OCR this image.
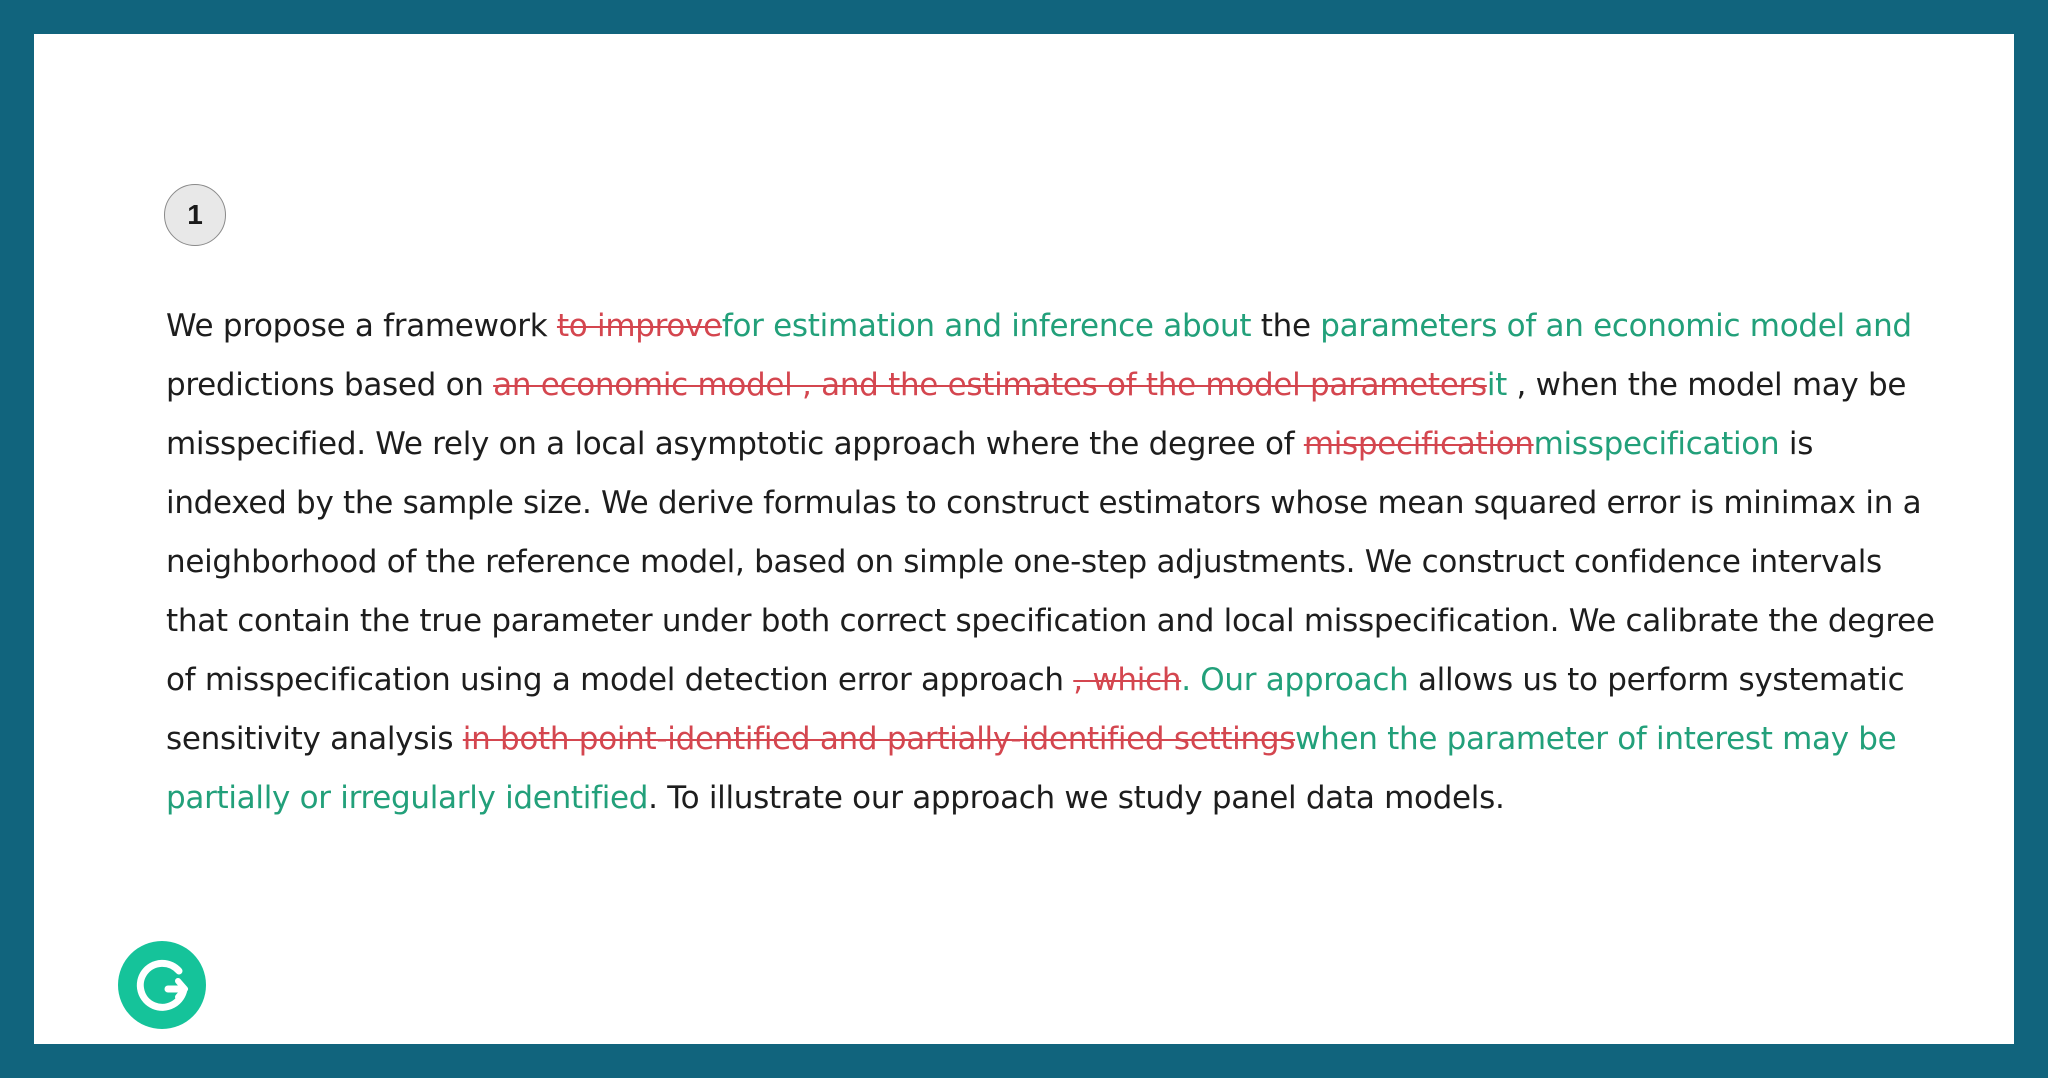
1

We propose a framework to improvefor estimation and inference about the parameters of an economic model and predictions based on an economic model , and the estimates of the model parametersit , when the model may be misspecified. We rely on a local asymptotic approach where the degree of mispecificationmisspecification is indexed by the sample size. We derive formulas to construct estimators whose mean squared error is minimax in a neighborhood of the reference model, based on simple one-step adjustments. We construct confidence intervals that contain the true parameter under both correct specification and local misspecification. We calibrate the degree of misspecification using a model detection error approach , which. Our approach allows us to perform systematic sensitivity analysis in both point-identified and partially-identified settingswhen the parameter of interest may be partially or irregularly identified. To illustrate our approach we study panel data models.
